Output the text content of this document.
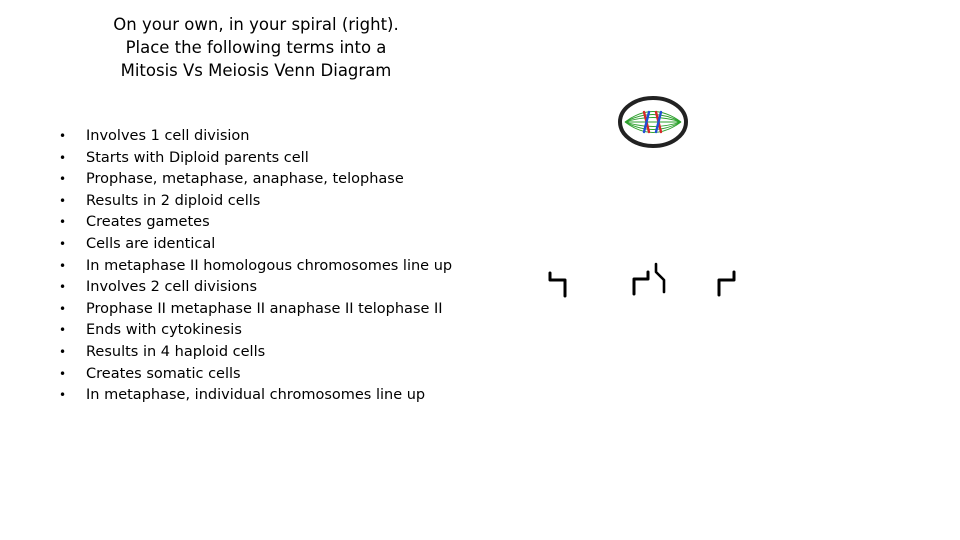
On your own, in your spiral (right).
Place the following terms into a
Mitosis Vs Meiosis Venn Diagram
• Involves 1 cell division
• Starts with Diploid parents cell
• Prophase, metaphase, anaphase, telophase
• Results in 2 diploid cells
• Creates gametes
• Cells are identical
• In metaphase II homologous chromosomes line up
• Involves 2 cell divisions
• Prophase II metaphase II anaphase II telophase II
• Ends with cytokinesis
• Results in 4 haploid cells
• Creates somatic cells
• In metaphase, individual chromosomes line up
